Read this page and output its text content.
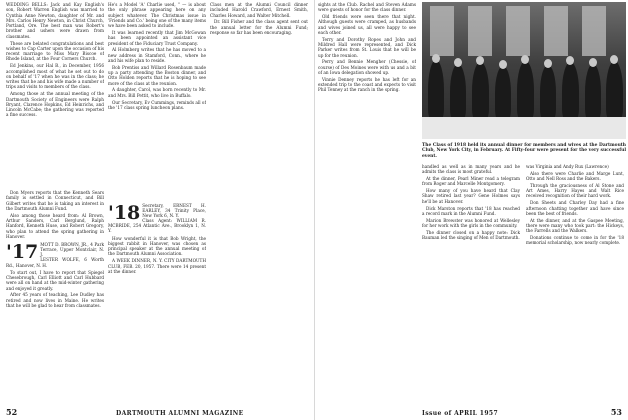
WEDDING BELLS: Jack and Kay English's son, Robert Warren English was married to Cynthia Anne Newton, daughter of Mr. and Mrs. Carlos Henry Newton, in Christ Church, Portland, Ore. The best man was Robert's brother and ushers were drawn from classmates.

These are belated congratulations and best wishes to Cap Carter upon the occasion of his recent marriage to Miss Mary Biscoe of Rhode Island, at the Four Corners Church.

Ed Jenkins, our Hal B., in December, 1956 accomplished most of what he set out to do on behalf of '17 when he was in the class; he writes that he and his wife made a number of trips and visits to members of the class.

Among those at the annual meeting of the Dartmouth Society of Engineers were Ralph Bryant, Clarence Hopkins, Ed Heinrichs, and Lincoln McCabe; the gathering was reported a fine success.

He's a Model 'A' Charlie used, '' — is about the only phrase appearing here on any subject whatever. The Christmas issue in 'Friends and Co.' being one of the many items we have been asked to include.

It was learned recently that Jim McGowan has been appointed an assistant vice president of the Fiduciary Trust Company.

Al Holmberg writes that he has moved to a new address in Stamford, Conn., where he and his wife plan to reside.

Bob Prentiss and Willard Rosenbaum made up a party attending the Boston dinner, and Otto Holden reports that he is hoping to see more of the class at the reunion.

A daughter, Carol, was born recently to Mr. and Mrs. Bill Pettit, who live in Buffalo.

Our Secretary, Ev Cummings, reminds all of the '17 class spring luncheon plans.

Don Myers reports that the Kenneth Sears family is settled in Connecticut, and Bill Gilbert writes that he is taking an interest in the Dartmouth Alumni Fund.

Also among those heard from: Al Brown, Arthur Sanders, Carl Berglund, Ralph Hanford, Kenneth Huse, and Robert Gregory, who plan to attend the spring gathering in Hanover.

'17 MOTT D. BROWN, JR., 4 Park Terrace, Upper Montclair, N. J.
LESTER WOLFE, 6 Worth Rd., Hanover, N. H.

To start out, I have to report that Spiegel Chesebrough, Carl Elliott and Carl Hubbard were all on hand at the mid-winter gathering and enjoyed it greatly.

After 45 years of teaching, Lee Dudley has retired and now lives in Maine. He writes that he will be glad to hear from classmates.

Class men at the Alumni Council dinner included Harold Crawford, Ernest Smith, Charles Howard, and Walter Mitchell.

Dr. Bill Fisher and the class agent sent out the annual letter for the Alumni Fund; response so far has been encouraging.

'18 Secretary, ERNEST H. EARLEY, 34 Trinity Place, New York 6, N. Y.
Class Agent: WILLIAM R. MCBRIDE, 254 Atlantic Ave., Brooklyn 1, N. Y.

How wonderful it is that Bob Wright, the biggest rabbit in Hanover, was chosen as principal speaker at the annual meeting of the Dartmouth Alumni Association.

A WEEK DINNER, N. Y. CITY DARTMOUTH CLUB, FEB. 20, 1957. There were 14 present at the dinner.

52	DARTMOUTH ALUMNI MAGAZINE

sights at the Club. Rachel and Steven Adams were guests of honor for the class dinner.

Old friends were seen there that night. Although guests were cramped, as husbands and wives joined us, all were happy to see each other.

Terry and Dorothy Ropes and John and Mildred Hall were represented, and Dick Parker writes from St. Louis that he will be up for the reunion.

Perry and Bennie Mengher (Chessie, of course) of Des Moines were with us and a bit of an Iowa delegation showed up.

Vinnie Denney reports he has left for an extended trip to the coast and expects to visit Phil Tenney at the ranch in the spring.

The Class of 1918 held its annual dinner for members and wives at the Dartmouth Club, New York City, in February. At Fifty-four were present for the very successful event.

handled as well as in many years and he admits the class is most grateful.

At the dinner, Pearl Miner read a telegram from Roger and Marcelle Montgomery.

How many of you have heard that Clay Shaw retired last year? Gene Holmes says he'll be at Hanover.

Dick Marston reports that '18 has reached a record mark in the Alumni Fund.

Marion Brewster was honored at Wellesley for her work with the girls in the community.

The dinner closed on a happy note: Dick Bauman led the singing of Men of Dartmouth.

was Virginia and Andy Rux (Lawrence)

Also there were Charlie and Marge Lunt, Otto and Nell Ross and the Bakers.

Through the graciousness of Al Stone and Art Ames, Harry Hayes and Walt Rice received recognition of their hard work.

Don Sheets and Charley Day had a fine afternoon chatting together and have since been the best of friends.

At the dinner, and at the Gaspee Meeting, there were many who took part: the Hickeys, the Farrells and the Walkers.

Donations continue to come in for the '18 memorial scholarship, now nearly complete.

Issue of APRIL 1957	53
